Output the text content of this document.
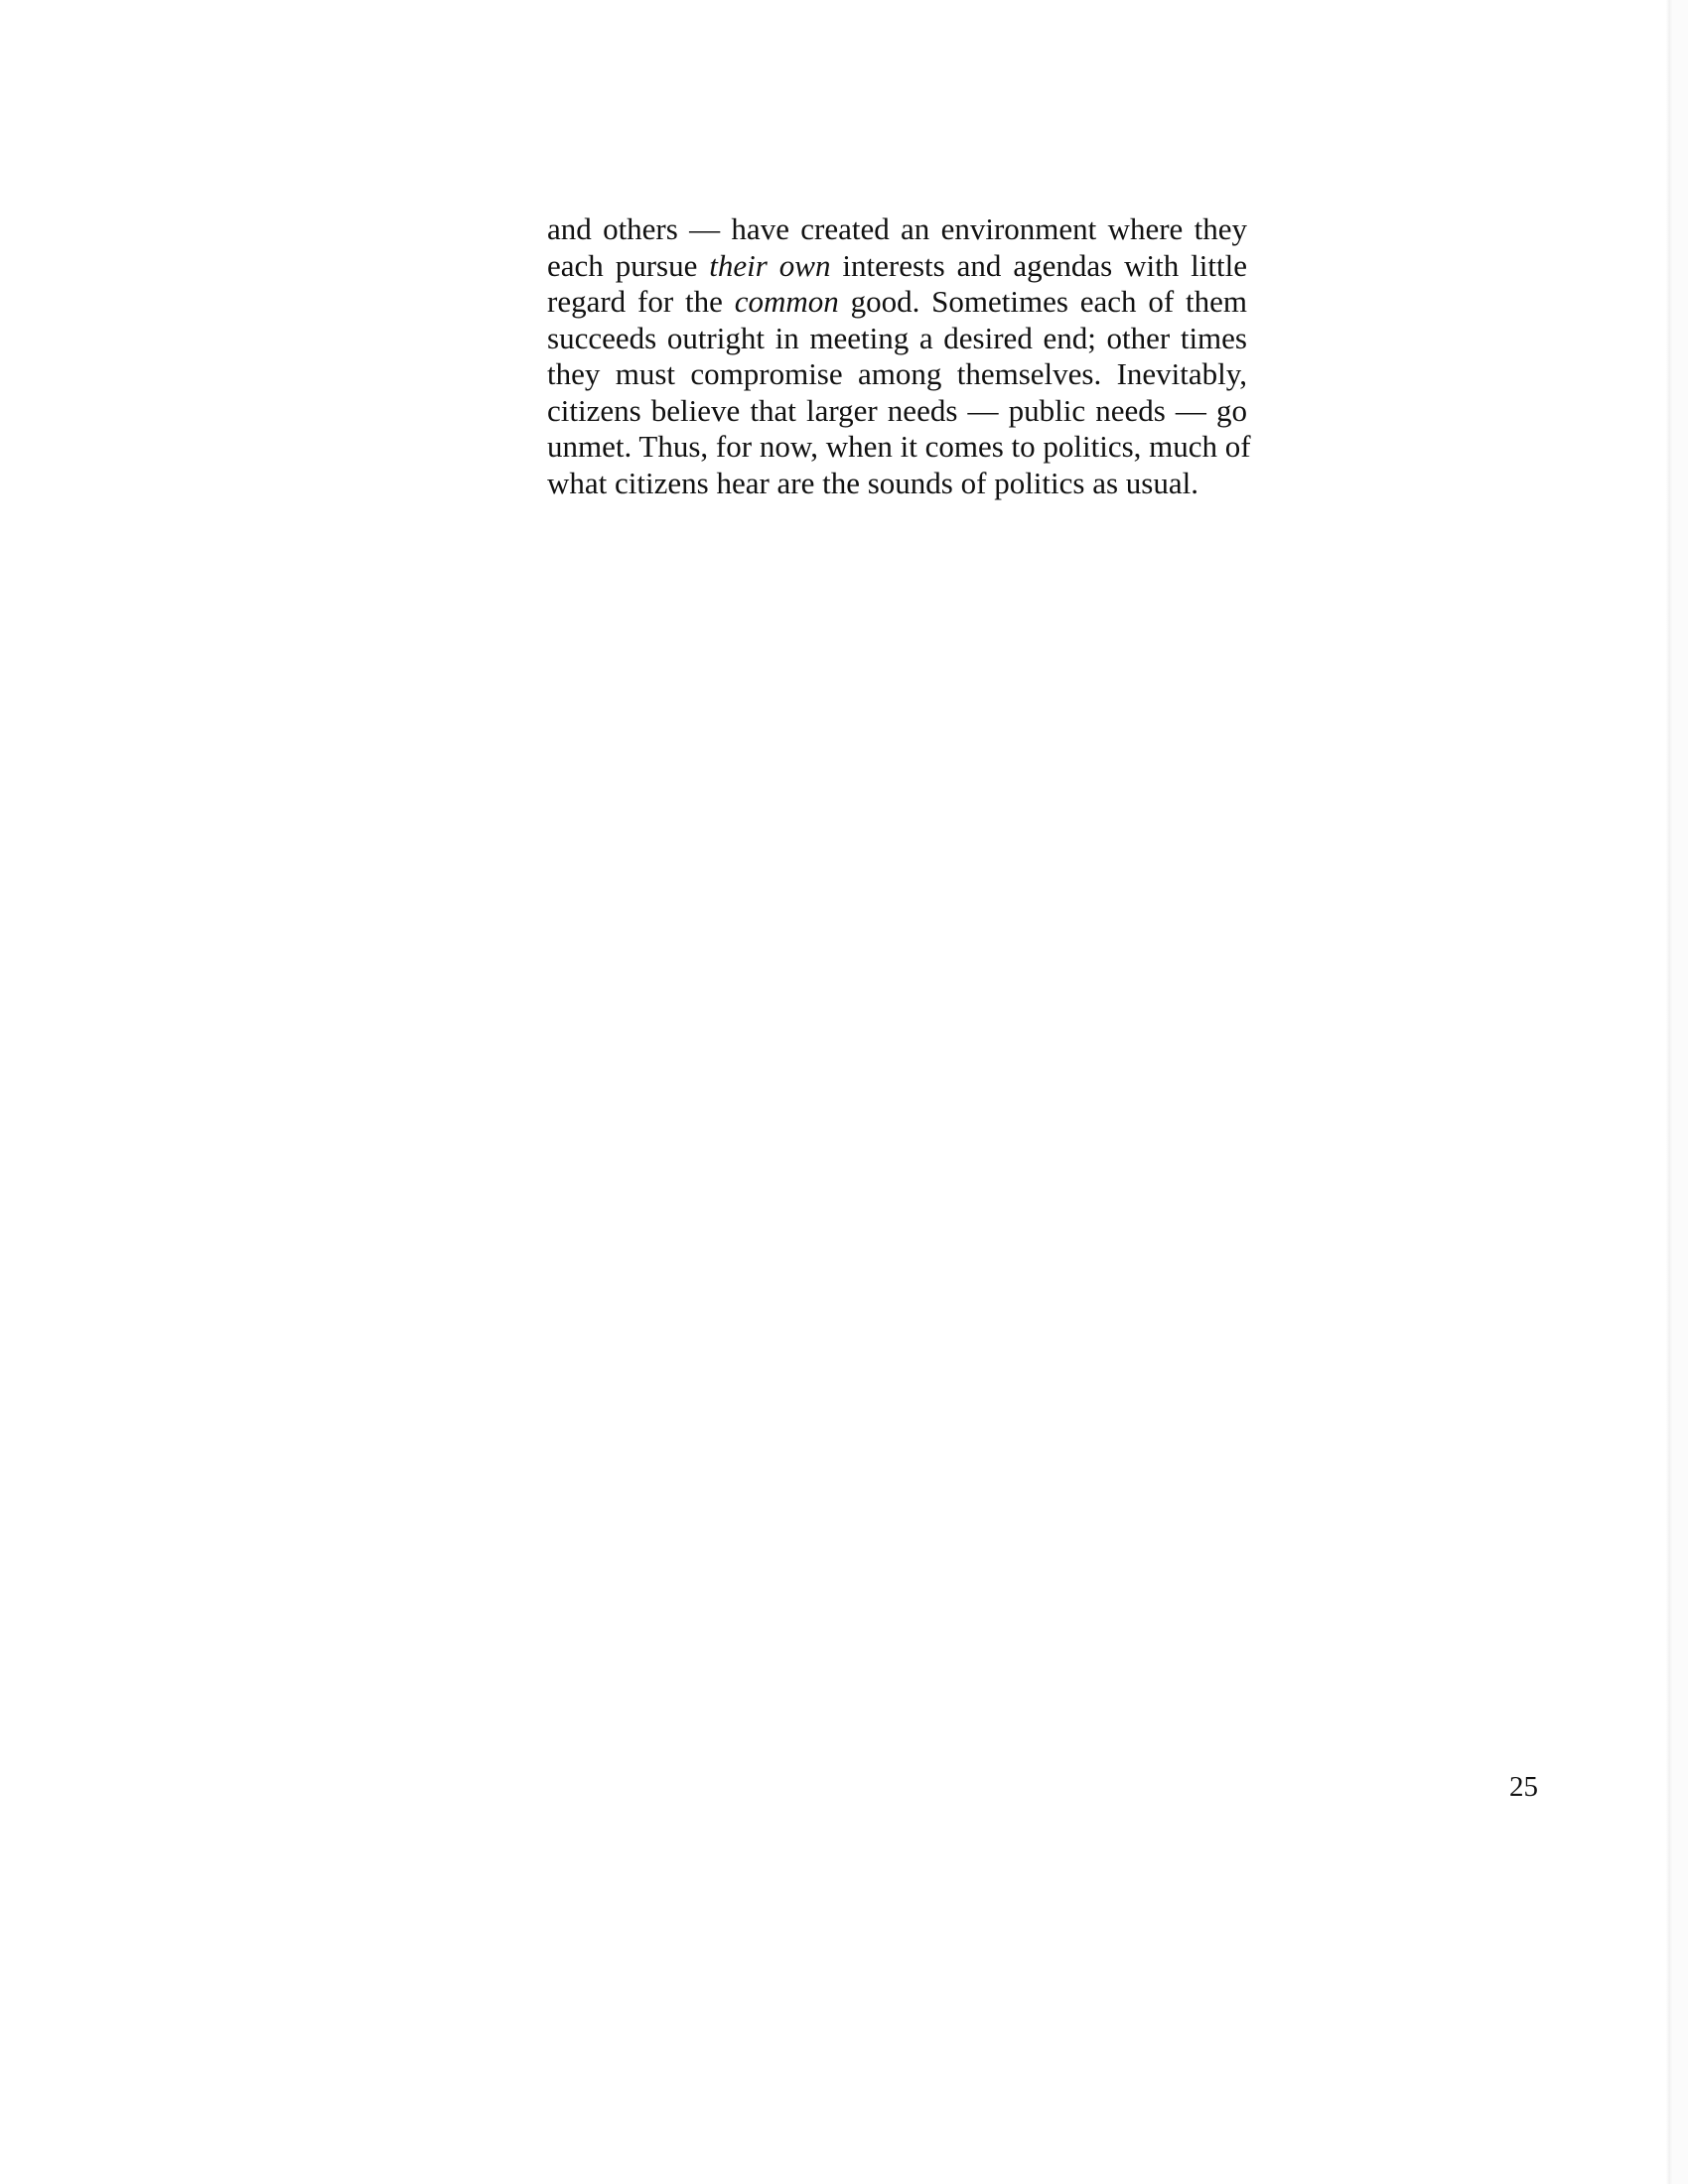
and others — have created an environment where they
each pursue their own interests and agendas with little
regard for the common good. Sometimes each of them
succeeds outright in meeting a desired end; other times
they must compromise among themselves. Inevitably,
citizens believe that larger needs — public needs — go
unmet. Thus, for now, when it comes to politics, much of
what citizens hear are the sounds of politics as usual.
25
